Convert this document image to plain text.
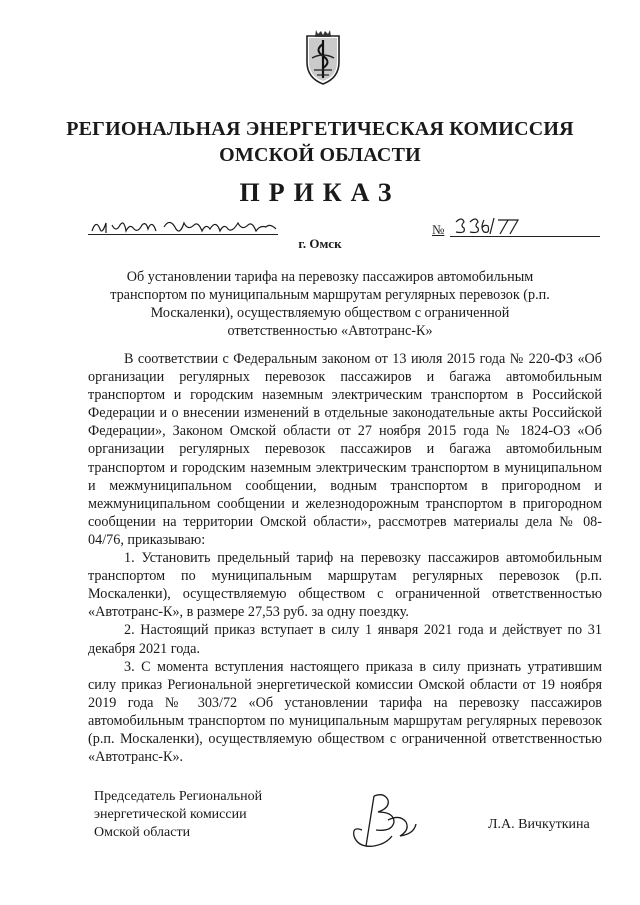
РЕГИОНАЛЬНАЯ ЭНЕРГЕТИЧЕСКАЯ КОМИССИЯ
ОМСКОЙ ОБЛАСТИ
ПРИКАЗ
г. Омск
№
Об установлении тарифа на перевозку пассажиров автомобильным транспортом по муниципальным маршрутам регулярных перевозок (р.п. Москаленки), осуществляемую обществом с ограниченной ответственностью «Автотранс-К»

В соответствии с Федеральным законом от 13 июля 2015 года № 220-ФЗ «Об организации регулярных перевозок пассажиров и багажа автомобильным транспортом и городским наземным электрическим транспортом в Российской Федерации и о внесении изменений в отдельные законодательные акты Российской Федерации», Законом Омской области от 27 ноября 2015 года № 1824-ОЗ «Об организации регулярных перевозок пассажиров и багажа автомобильным транспортом и городским наземным электрическим транспортом в муниципальном и межмуниципальном сообщении, водным транспортом в пригородном и межмуниципальном сообщении и железнодорожным транспортом в пригородном сообщении на территории Омской области», рассмотрев материалы дела № 08-04/76, приказываю:

1. Установить предельный тариф на перевозку пассажиров автомобильным транспортом по муниципальным маршрутам регулярных перевозок (р.п. Москаленки), осуществляемую обществом с ограниченной ответственностью «Автотранс-К», в размере 27,53 руб. за одну поездку.

2. Настоящий приказ вступает в силу 1 января 2021 года и действует по 31 декабря 2021 года.

3. С момента вступления настоящего приказа в силу признать утратившим силу приказ Региональной энергетической комиссии Омской области от 19 ноября 2019 года № 303/72 «Об установлении тарифа на перевозку пассажиров автомобильным транспортом по муниципальным маршрутам регулярных перевозок (р.п. Москаленки), осуществляемую обществом с ограниченной ответственностью «Автотранс-К».

Председатель Региональной
энергетической комиссии
Омской области
Л.А. Вичкуткина
